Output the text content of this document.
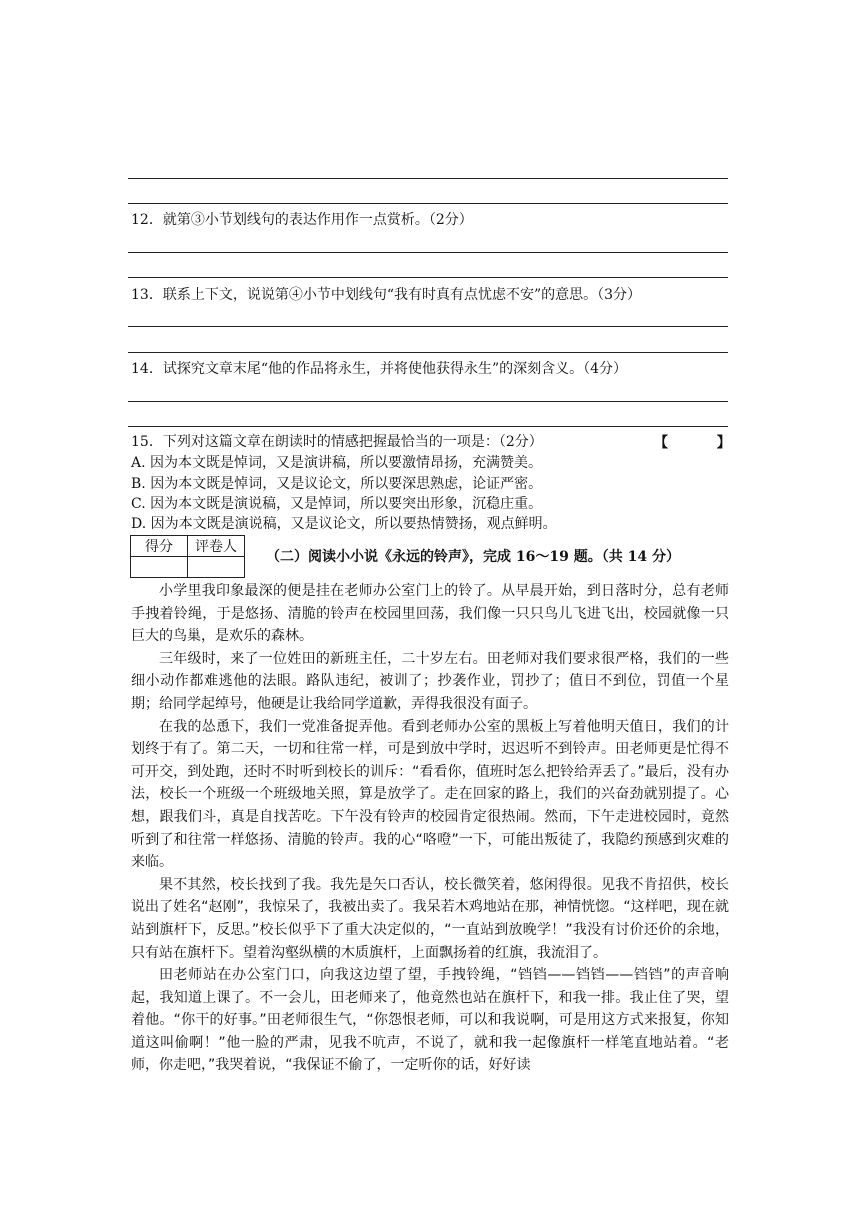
12．就第③小节划线句的表达作用作一点赏析。（2分）
13．联系上下文，说说第④小节中划线句“我有时真有点忧虑不安”的意思。（3分）
14．试探究文章末尾“他的作品将永生，并将使他获得永生”的深刻含义。（4分）
15．下列对这篇文章在朗读时的情感把握最恰当的一项是：（2分）	【          】
A. 因为本文既是悼词，又是演讲稿，所以要激情昂扬，充满赞美。
B. 因为本文既是悼词，又是议论文，所以要深思熟虑，论证严密。
C. 因为本文既是演说稿，又是悼词，所以要突出形象，沉稳庄重。
D. 因为本文既是演说稿，又是议论文，所以要热情赞扬，观点鲜明。
得分	评卷人

（二）阅读小小说《永远的铃声》，完成 16～19 题。（共 14 分）

小学里我印象最深的便是挂在老师办公室门上的铃了。从早晨开始，到日落时分，总有老师手拽着铃绳，于是悠扬、清脆的铃声在校园里回荡，我们像一只只鸟儿飞进飞出，校园就像一只巨大的鸟巢，是欢乐的森林。

三年级时，来了一位姓田的新班主任，二十岁左右。田老师对我们要求很严格，我们的一些细小动作都难逃他的法眼。路队违纪，被训了；抄袭作业，罚抄了；值日不到位，罚值一个星期；给同学起绰号，他硬是让我给同学道歉，弄得我很没有面子。

在我的怂恿下，我们一党准备捉弄他。看到老师办公室的黑板上写着他明天值日，我们的计划终于有了。第二天，一切和往常一样，可是到放中学时，迟迟听不到铃声。田老师更是忙得不可开交，到处跑，还时不时听到校长的训斥：“看看你，值班时怎么把铃给弄丢了。”最后，没有办法，校长一个班级一个班级地关照，算是放学了。走在回家的路上，我们的兴奋劲就别提了。心想，跟我们斗，真是自找苦吃。下午没有铃声的校园肯定很热闹。然而，下午走进校园时，竟然听到了和往常一样悠扬、清脆的铃声。我的心“咯噔”一下，可能出叛徒了，我隐约预感到灾难的来临。

果不其然，校长找到了我。我先是矢口否认，校长微笑着，悠闲得很。见我不肯招供，校长说出了姓名“赵刚”，我惊呆了，我被出卖了。我呆若木鸡地站在那，神情恍惚。“这样吧，现在就站到旗杆下，反思。”校长似乎下了重大决定似的，“一直站到放晚学！”我没有讨价还价的余地，只有站在旗杆下。望着沟壑纵横的木质旗杆，上面飘扬着的红旗，我流泪了。

田老师站在办公室门口，向我这边望了望，手拽铃绳，“铛铛——铛铛——铛铛”的声音响起，我知道上课了。不一会儿，田老师来了，他竟然也站在旗杆下，和我一排。我止住了哭，望着他。“你干的好事。”田老师很生气，“你怨恨老师，可以和我说啊，可是用这方式来报复，你知道这叫偷啊！”他一脸的严肃，见我不吭声，不说了，就和我一起像旗杆一样笔直地站着。“老师，你走吧，”我哭着说，“我保证不偷了，一定听你的话，好好读
